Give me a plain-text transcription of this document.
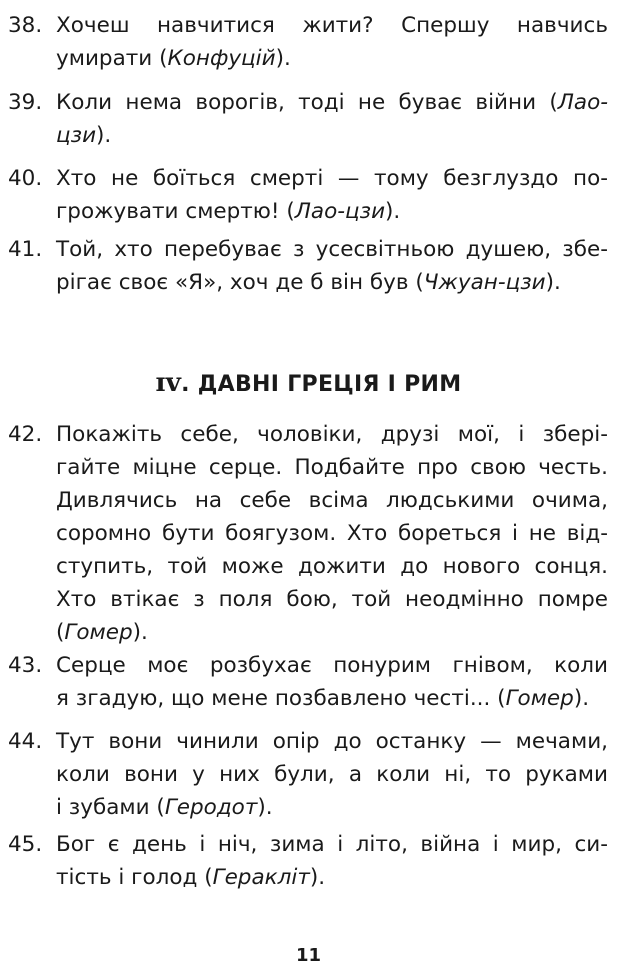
38. Хочеш навчитися жити? Спершу навчись
умирати (Конфуцій).
39. Коли нема ворогів, тоді не буває війни (Лао-
цзи).
40. Хто не боїться смерті — тому безглуздо по-
грожувати смертю! (Лао-цзи).
41. Той, хто перебуває з усесвітньою душею, збе-
рігає своє «Я», хоч де б він був (Чжуан-цзи).
ɪv. ДАВНІ ГРЕЦІЯ І РИМ
42. Покажіть себе, чоловіки, друзі мої, і збері-
гайте міцне серце. Подбайте про свою честь.
Дивлячись на себе всіма людськими очима,
соромно бути боягузом. Хто бореться і не від-
ступить, той може дожити до нового сонця.
Хто втікає з поля бою, той неодмінно помре
(Гомер).
43. Серце моє розбухає понурим гнівом, коли
я згадую, що мене позбавлено честі... (Гомер).
44. Тут вони чинили опір до останку — мечами,
коли вони у них були, а коли ні, то руками
і зубами (Геродот).
45. Бог є день і ніч, зима і літо, війна і мир, си-
тість і голод (Геракліт).
11
